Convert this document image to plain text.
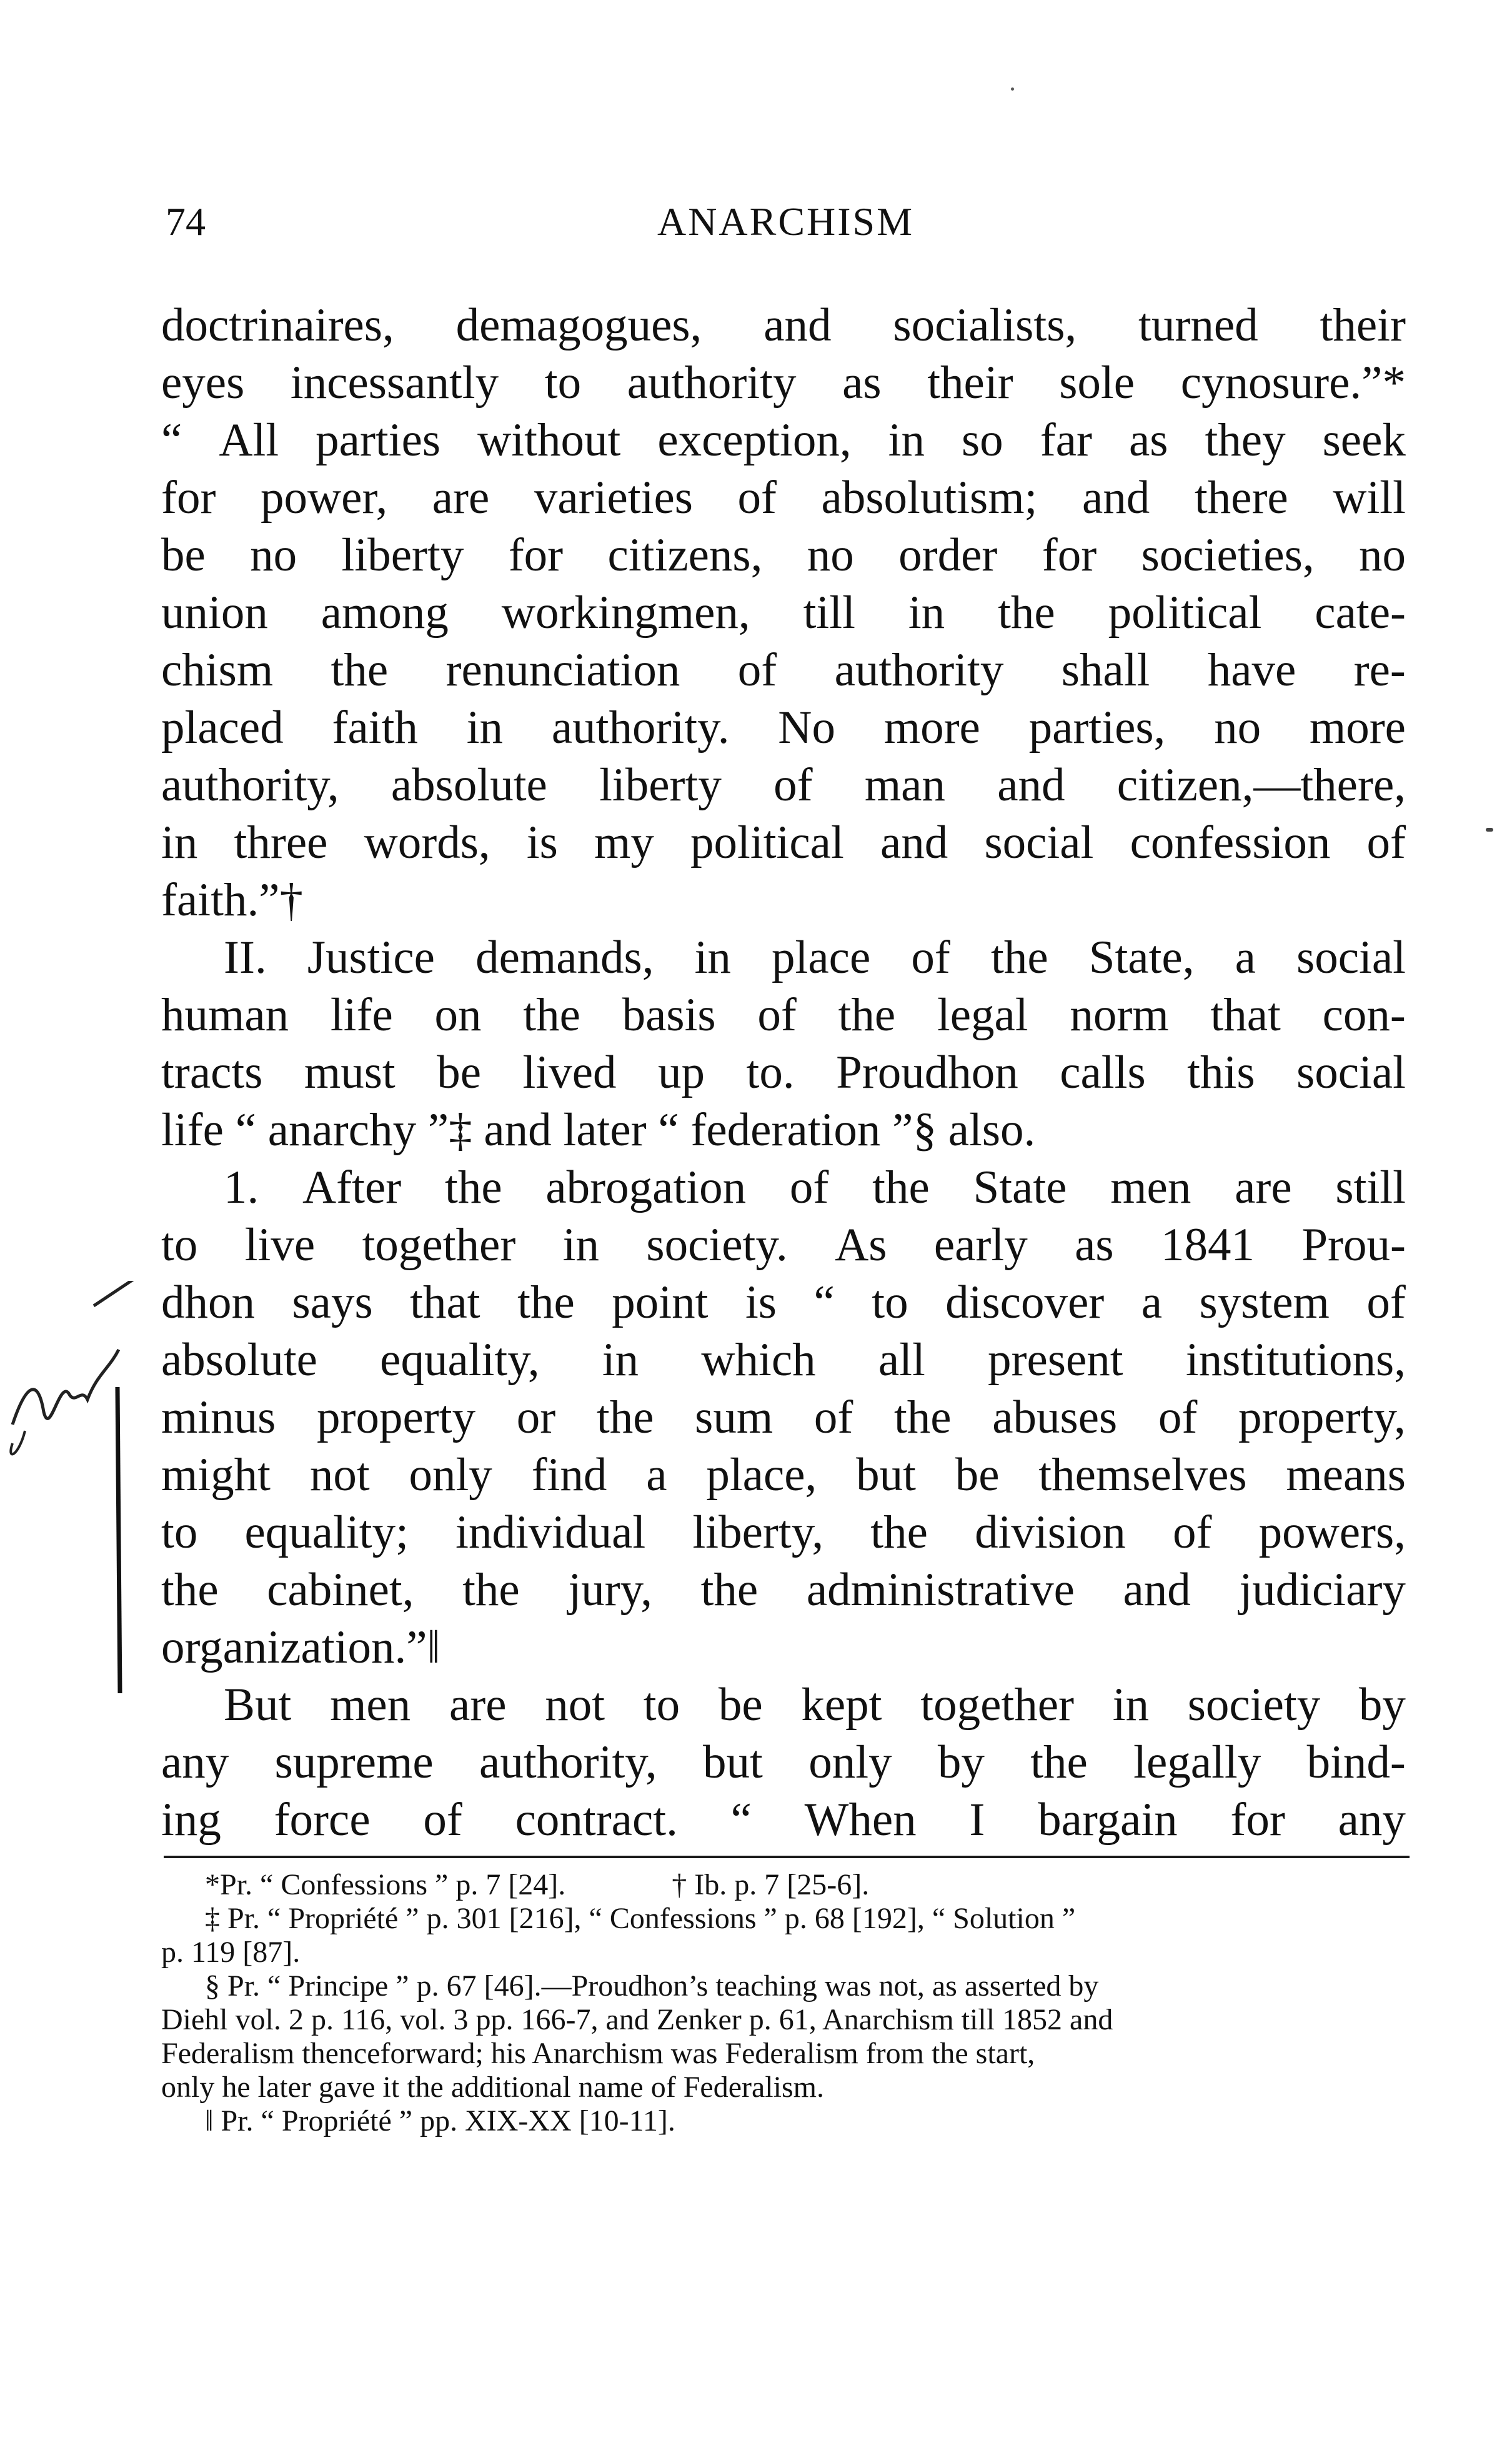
74	ANARCHISM
doctrinaires, demagogues, and socialists, turned their
eyes incessantly to authority as their sole cynosure.”*
“ All parties without exception, in so far as they seek
for power, are varieties of absolutism; and there will
be no liberty for citizens, no order for societies, no
union among workingmen, till in the political cate-
chism the renunciation of authority shall have re-
placed faith in authority. No more parties, no more
authority, absolute liberty of man and citizen,—there,
in three words, is my political and social confession of
faith.”†
II. Justice demands, in place of the State, a social
human life on the basis of the legal norm that con-
tracts must be lived up to. Proudhon calls this social
life “ anarchy ”‡ and later “ federation ”§ also.
1. After the abrogation of the State men are still
to live together in society. As early as 1841 Prou-
dhon says that the point is “ to discover a system of
absolute equality, in which all present institutions,
minus property or the sum of the abuses of property,
might not only find a place, but be themselves means
to equality; individual liberty, the division of powers,
the cabinet, the jury, the administrative and judiciary
organization.”‖
But men are not to be kept together in society by
any supreme authority, but only by the legally bind-
ing force of contract. “ When I bargain for any
*Pr. “ Confessions ” p. 7 [24].	† Ib. p. 7 [25-6].
‡ Pr. “ Propriété ” p. 301 [216], “ Confessions ” p. 68 [192], “ Solution ”
p. 119 [87].
§ Pr. “ Principe ” p. 67 [46].—Proudhon’s teaching was not, as asserted by
Diehl vol. 2 p. 116, vol. 3 pp. 166-7, and Zenker p. 61, Anarchism till 1852 and
Federalism thenceforward; his Anarchism was Federalism from the start,
only he later gave it the additional name of Federalism.
‖ Pr. “ Propriété ” pp. XIX-XX [10-11].
